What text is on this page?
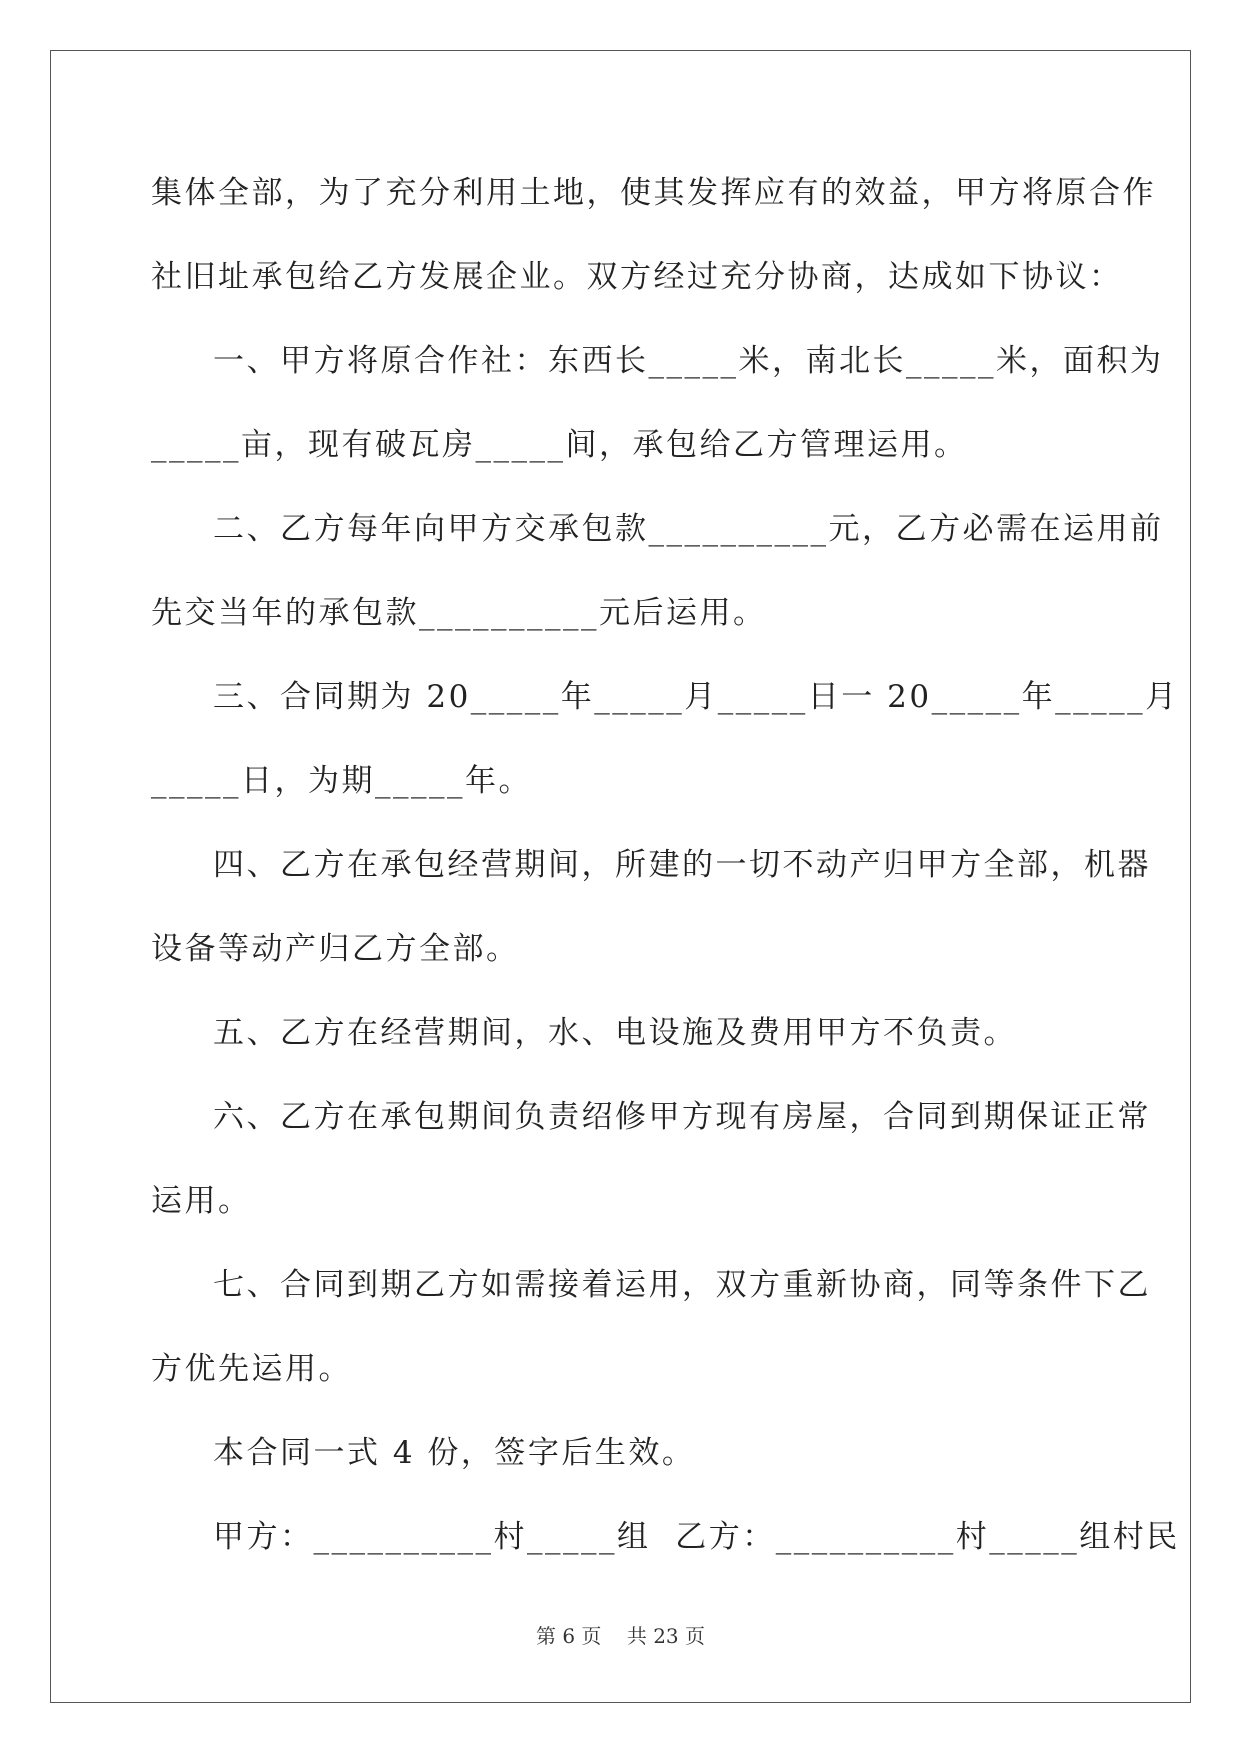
集体全部，为了充分利用土地，使其发挥应有的效益，甲方将原合作
社旧址承包给乙方发展企业。双方经过充分协商，达成如下协议：
一、甲方将原合作社：东西长_____米，南北长_____米，面积为
_____亩，现有破瓦房_____间，承包给乙方管理运用。
二、乙方每年向甲方交承包款__________元，乙方必需在运用前
先交当年的承包款__________元后运用。
三、合同期为 20_____年_____月_____日一 20_____年_____月
_____日，为期_____年。
四、乙方在承包经营期间，所建的一切不动产归甲方全部，机器
设备等动产归乙方全部。
五、乙方在经营期间，水、电设施及费用甲方不负责。
六、乙方在承包期间负责绍修甲方现有房屋，合同到期保证正常
运用。
七、合同到期乙方如需接着运用，双方重新协商，同等条件下乙
方优先运用。
本合同一式 4 份，签字后生效。
甲方：__________村_____组  乙方：__________村_____组村民
第 6 页    共 23 页
